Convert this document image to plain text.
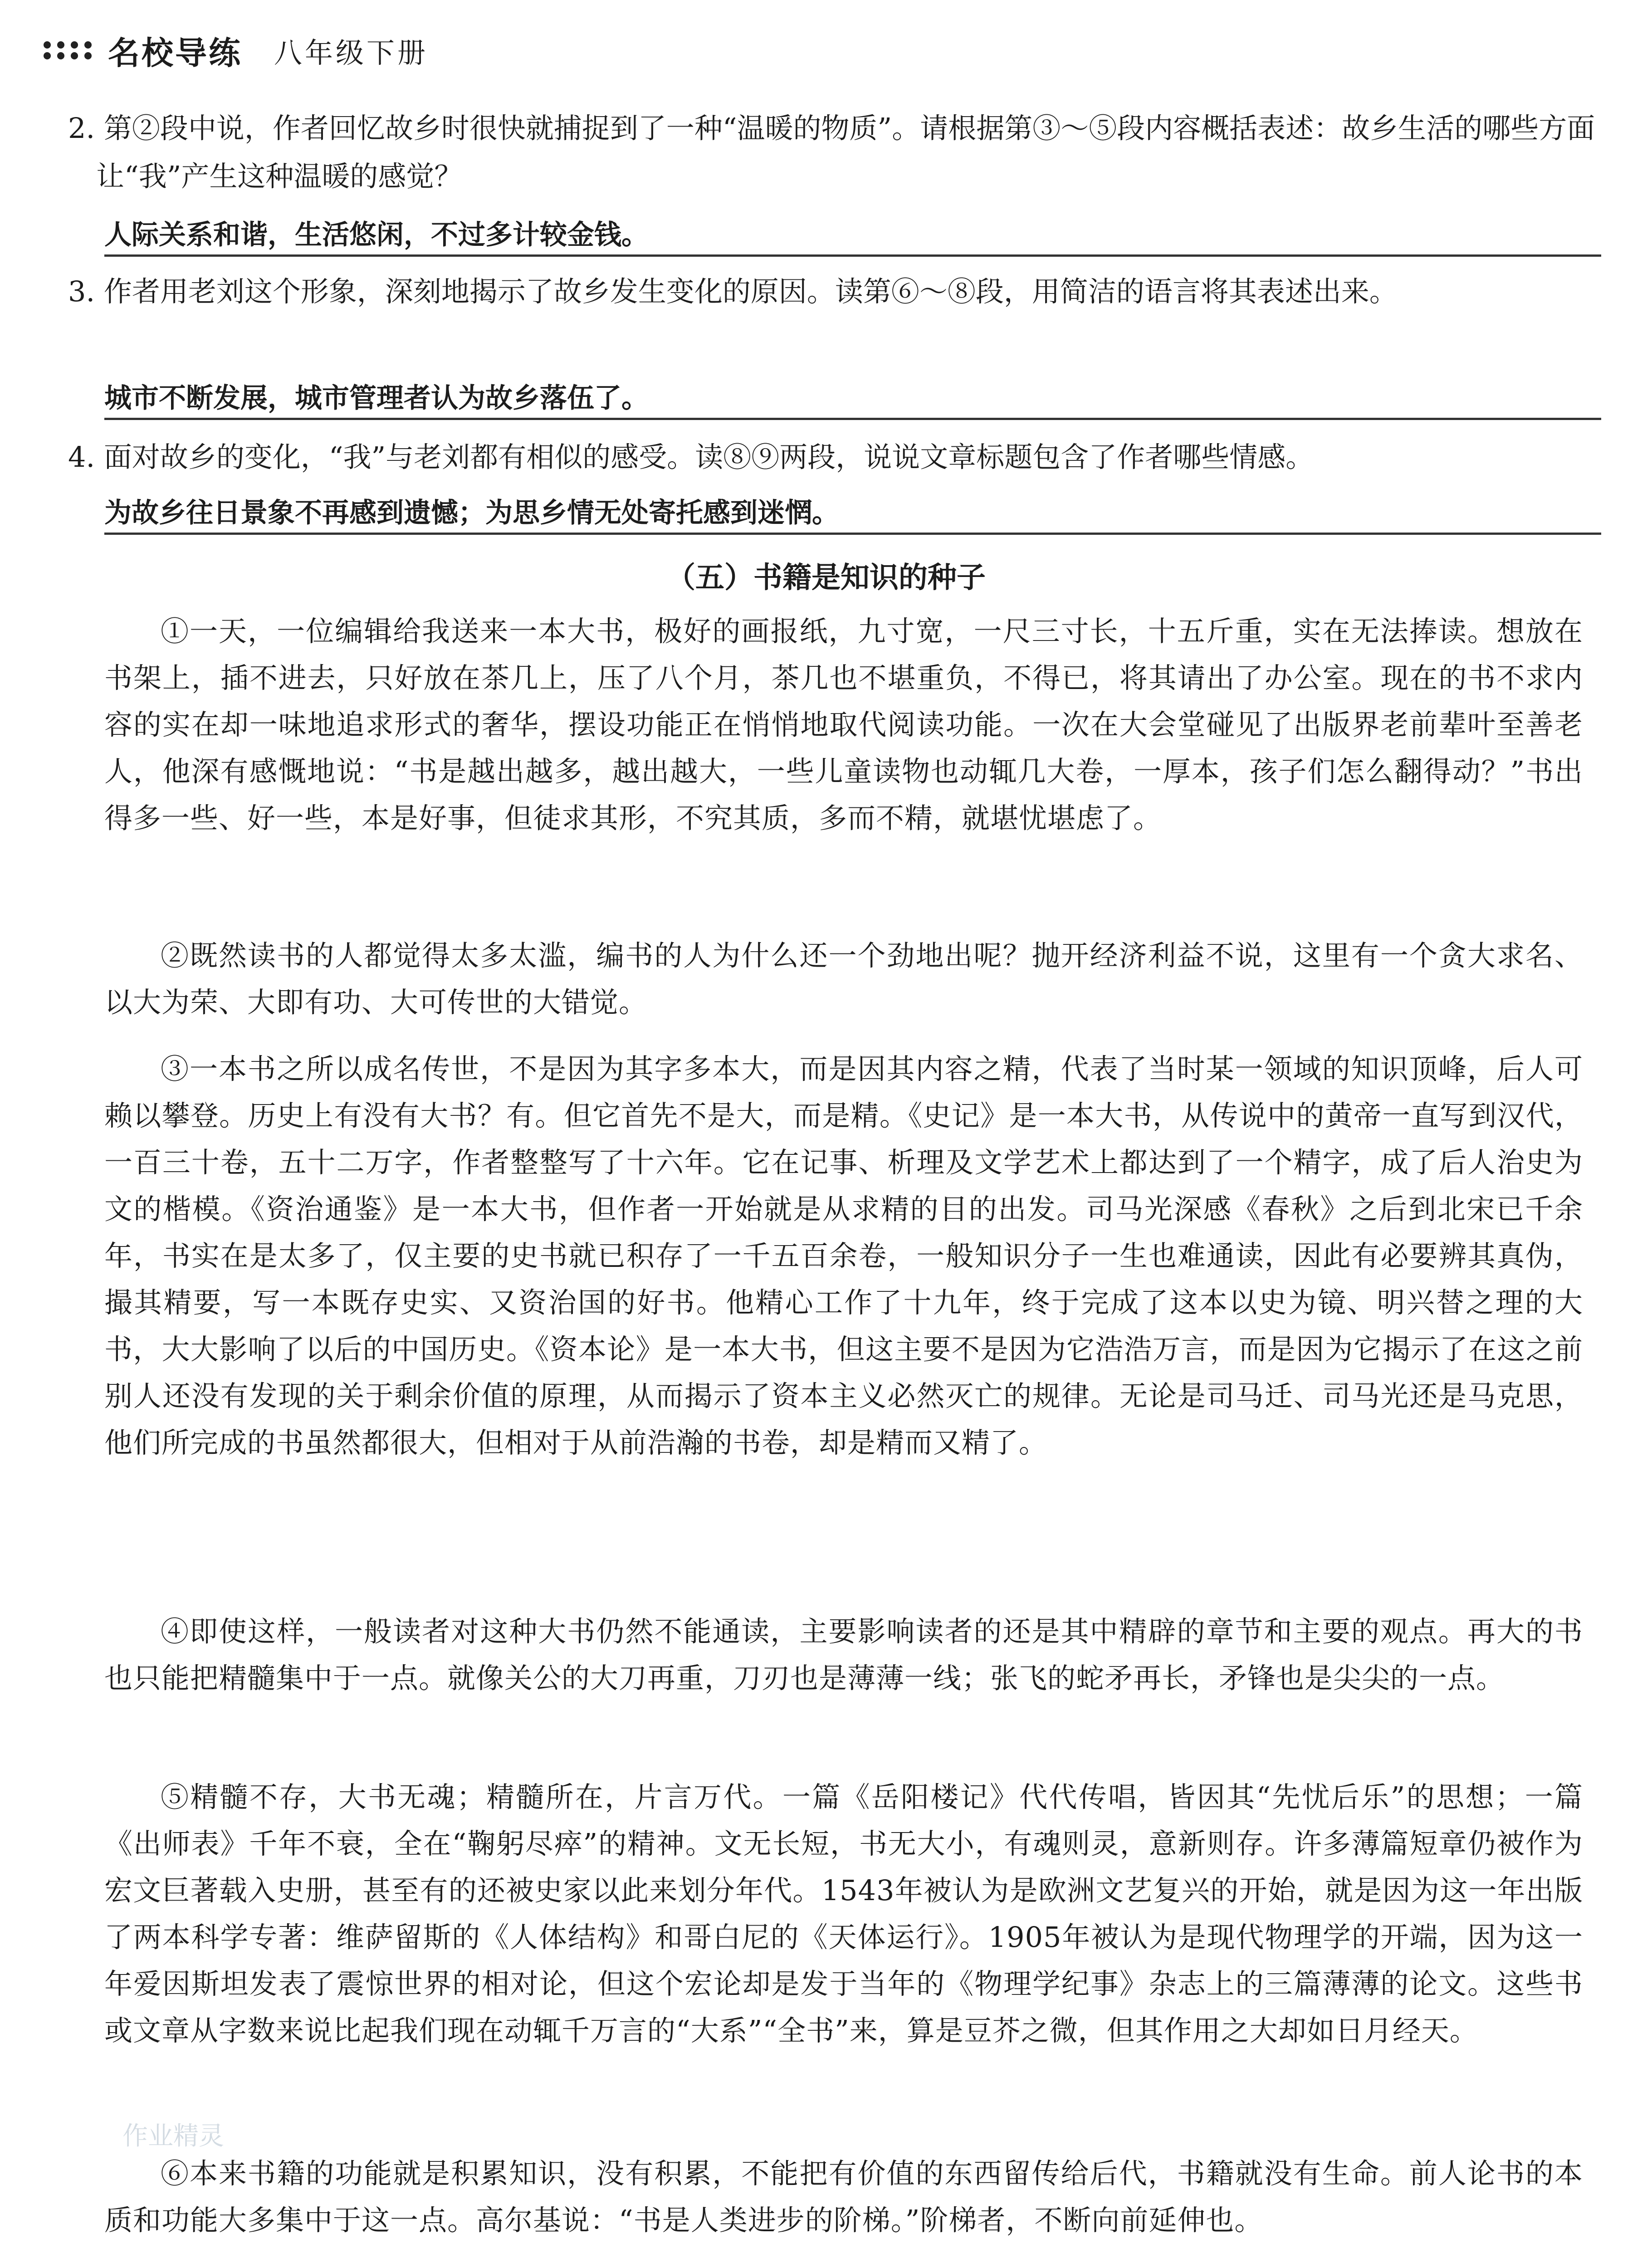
名校导练 八年级下册
2. 第②段中说，作者回忆故乡时很快就捕捉到了一种“温暖的物质”。请根据第③～⑤段内容概括表述：故乡生活的哪些方面让“我”产生这种温暖的感觉？
人际关系和谐，生活悠闲，不过多计较金钱。
3. 作者用老刘这个形象，深刻地揭示了故乡发生变化的原因。读第⑥～⑧段，用简洁的语言将其表述出来。
城市不断发展，城市管理者认为故乡落伍了。
4. 面对故乡的变化，“我”与老刘都有相似的感受。读⑧⑨两段，说说文章标题包含了作者哪些情感。
为故乡往日景象不再感到遗憾；为思乡情无处寄托感到迷惘。
（五）书籍是知识的种子
①一天，一位编辑给我送来一本大书，极好的画报纸，九寸宽，一尺三寸长，十五斤重，实在无法捧读。想放在书架上，插不进去，只好放在茶几上，压了八个月，茶几也不堪重负，不得已，将其请出了办公室。现在的书不求内容的实在却一味地追求形式的奢华，摆设功能正在悄悄地取代阅读功能。一次在大会堂碰见了出版界老前辈叶至善老人，他深有感慨地说：“书是越出越多，越出越大，一些儿童读物也动辄几大卷，一厚本，孩子们怎么翻得动？”书出得多一些、好一些，本是好事，但徒求其形，不究其质，多而不精，就堪忧堪虑了。
②既然读书的人都觉得太多太滥，编书的人为什么还一个劲地出呢？抛开经济利益不说，这里有一个贪大求名、以大为荣、大即有功、大可传世的大错觉。
③一本书之所以成名传世，不是因为其字多本大，而是因其内容之精，代表了当时某一领域的知识顶峰，后人可赖以攀登。历史上有没有大书？有。但它首先不是大，而是精。《史记》是一本大书，从传说中的黄帝一直写到汉代，一百三十卷，五十二万字，作者整整写了十六年。它在记事、析理及文学艺术上都达到了一个精字，成了后人治史为文的楷模。《资治通鉴》是一本大书，但作者一开始就是从求精的目的出发。司马光深感《春秋》之后到北宋已千余年，书实在是太多了，仅主要的史书就已积存了一千五百余卷，一般知识分子一生也难通读，因此有必要辨其真伪，撮其精要，写一本既存史实、又资治国的好书。他精心工作了十九年，终于完成了这本以史为镜、明兴替之理的大书，大大影响了以后的中国历史。《资本论》是一本大书，但这主要不是因为它浩浩万言，而是因为它揭示了在这之前别人还没有发现的关于剩余价值的原理，从而揭示了资本主义必然灭亡的规律。无论是司马迁、司马光还是马克思，他们所完成的书虽然都很大，但相对于从前浩瀚的书卷，却是精而又精了。
④即使这样，一般读者对这种大书仍然不能通读，主要影响读者的还是其中精辟的章节和主要的观点。再大的书也只能把精髓集中于一点。就像关公的大刀再重，刀刃也是薄薄一线；张飞的蛇矛再长，矛锋也是尖尖的一点。
⑤精髓不存，大书无魂；精髓所在，片言万代。一篇《岳阳楼记》代代传唱，皆因其“先忧后乐”的思想；一篇《出师表》千年不衰，全在“鞠躬尽瘁”的精神。文无长短，书无大小，有魂则灵，意新则存。许多薄篇短章仍被作为宏文巨著载入史册，甚至有的还被史家以此来划分年代。1543年被认为是欧洲文艺复兴的开始，就是因为这一年出版了两本科学专著：维萨留斯的《人体结构》和哥白尼的《天体运行》。1905年被认为是现代物理学的开端，因为这一年爱因斯坦发表了震惊世界的相对论，但这个宏论却是发于当年的《物理学纪事》杂志上的三篇薄薄的论文。这些书或文章从字数来说比起我们现在动辄千万言的“大系”“全书”来，算是豆芥之微，但其作用之大却如日月经天。
⑥本来书籍的功能就是积累知识，没有积累，不能把有价值的东西留传给后代，书籍就没有生命。前人论书的本质和功能大多集中于这一点。高尔基说：“书是人类进步的阶梯。”阶梯者，不断向前延伸也。
作业精灵
